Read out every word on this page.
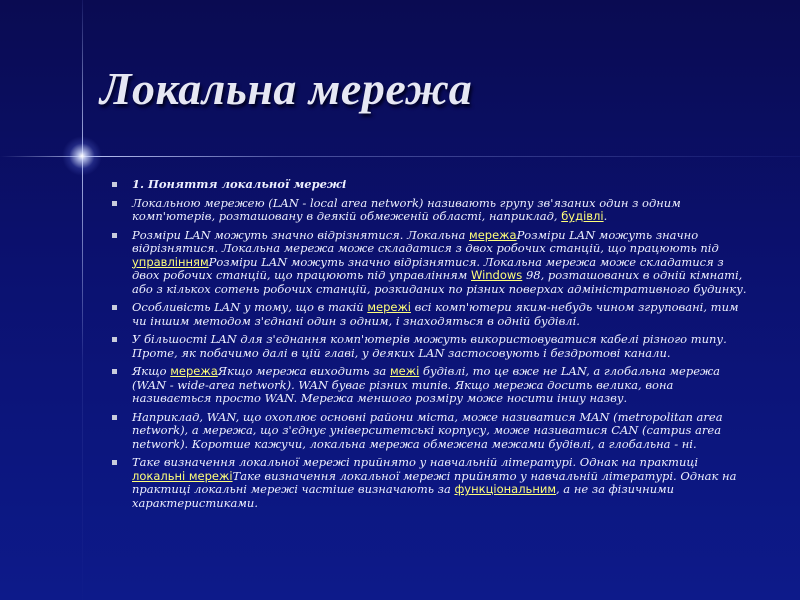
Локальна мережа
1. Поняття локальної мережі
Локальною мережею (LAN - local area network) називають групу зв'язаних один з одним комп'ютерів, розташовану в деякій обмеженій області, наприклад, будівлі.
Розміри LAN можуть значно відрізнятися. Локальна мережаРозміри LAN можуть значно відрізнятися. Локальна мережа може складатися з двох робочих станцій, що працюють під управліннямРозміри LAN можуть значно відрізнятися. Локальна мережа може складатися з двох робочих станцій, що працюють під управлінням Windows 98, розташованих в одній кімнаті, або з кількох сотень робочих станцій, розкиданих по різних поверхах адміністративного будинку.
Особливість LAN у тому, що в такій мережі всі комп'ютери яким-небудь чином згруповані, тим чи іншим методом з'єднані один з одним, і знаходяться в одній будівлі.
У більшості LAN для з'єднання комп'ютерів можуть використовуватися кабелі різного типу. Проте, як побачимо далі в цій главі, у деяких LAN застосовують і бездротові канали.
Якщо мережаЯкщо мережа виходить за межі будівлі, то це вже не LAN, а глобальна мережа (WAN - wide-area network). WAN буває різних типів. Якщо мережа досить велика, вона називається просто WAN. Мережа меншого розміру може носити іншу назву.
Наприклад, WAN, що охоплює основні райони міста, може називатися MAN (metropolitan area network), а мережа, що з'єднує університетські корпусу, може називатися CAN (campus area network). Коротше кажучи, локальна мережа обмежена межами будівлі, а глобальна - ні.
Таке визначення локальної мережі прийнято у навчальній літературі. Однак на практиці локальні мережіТаке визначення локальної мережі прийнято у навчальній літературі. Однак на практиці локальні мережі частіше визначають за функціональним, а не за фізичними характеристиками.
